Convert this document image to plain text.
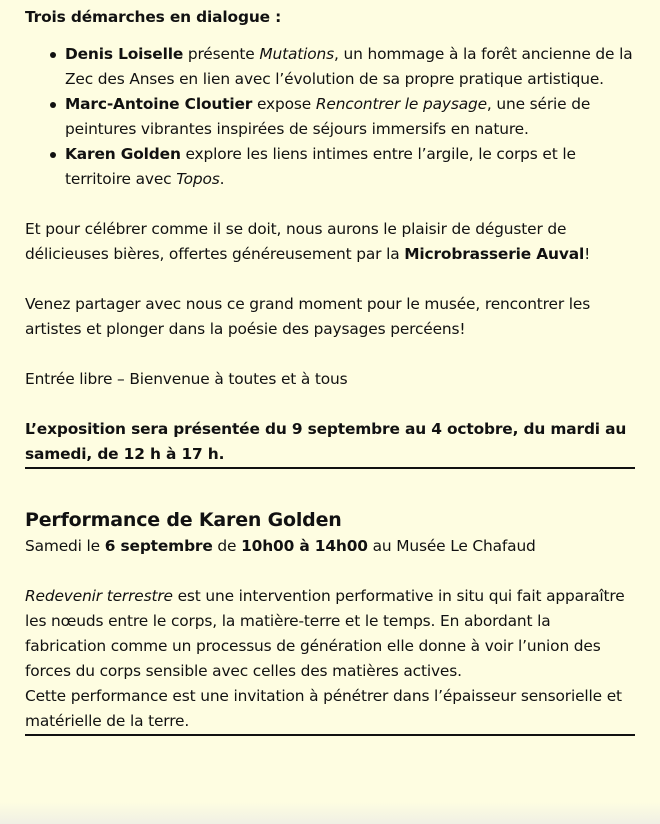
Trois démarches en dialogue :

Denis Loiselle présente Mutations, un hommage à la forêt ancienne de la Zec des Anses en lien avec l’évolution de sa propre pratique artistique.
Marc-Antoine Cloutier expose Rencontrer le paysage, une série de peintures vibrantes inspirées de séjours immersifs en nature.
Karen Golden explore les liens intimes entre l’argile, le corps et le territoire avec Topos.

Et pour célébrer comme il se doit, nous aurons le plaisir de déguster de délicieuses bières, offertes généreusement par la Microbrasserie Auval!

Venez partager avec nous ce grand moment pour le musée, rencontrer les artistes et plonger dans la poésie des paysages percéens!

Entrée libre – Bienvenue à toutes et à tous

L’exposition sera présentée du 9 septembre au 4 octobre, du mardi au samedi, de 12 h à 17 h.

Performance de Karen Golden

Samedi le 6 septembre de 10h00 à 14h00 au Musée Le Chafaud

Redevenir terrestre est une intervention performative in situ qui fait apparaître les nœuds entre le corps, la matière-terre et le temps. En abordant la fabrication comme un processus de génération elle donne à voir l’union des forces du corps sensible avec celles des matières actives.

Cette performance est une invitation à pénétrer dans l’épaisseur sensorielle et matérielle de la terre.
